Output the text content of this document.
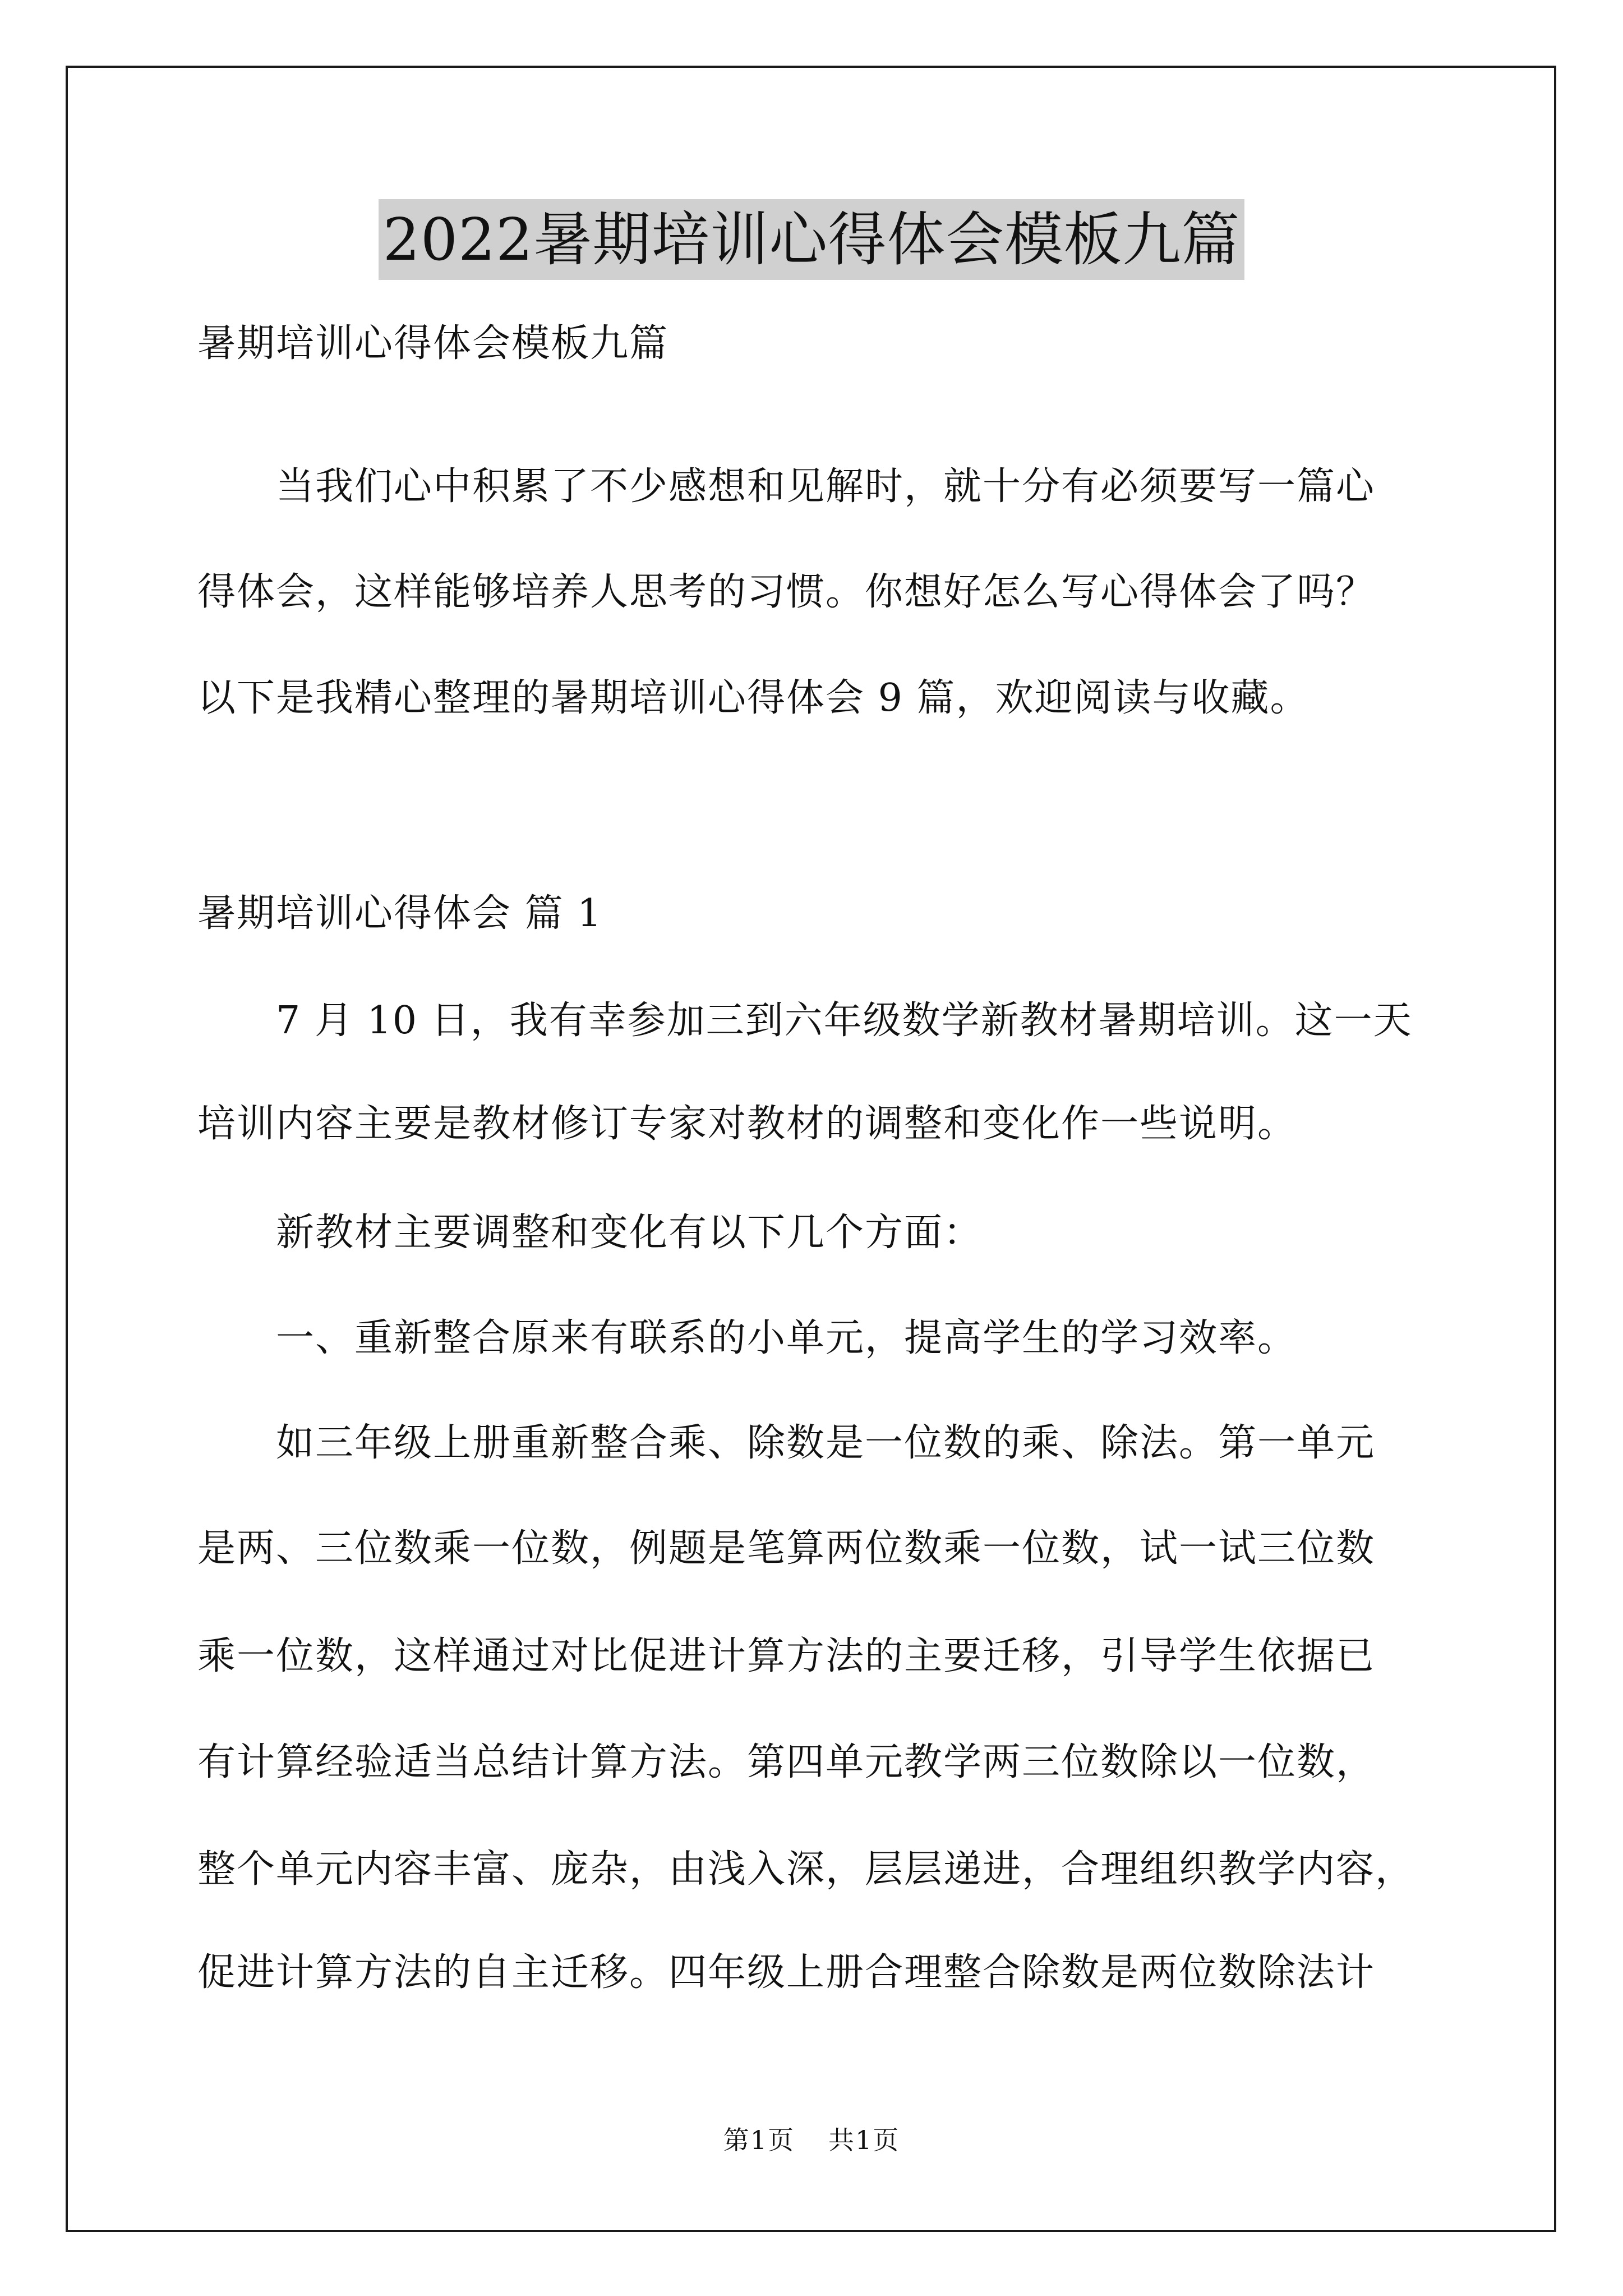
2022暑期培训心得体会模板九篇
暑期培训心得体会模板九篇
　　当我们心中积累了不少感想和见解时，就十分有必须要写一篇心
得体会，这样能够培养人思考的习惯。你想好怎么写心得体会了吗？
以下是我精心整理的暑期培训心得体会 9 篇，欢迎阅读与收藏。
暑期培训心得体会 篇 1
　　7 月 10 日，我有幸参加三到六年级数学新教材暑期培训。这一天
培训内容主要是教材修订专家对教材的调整和变化作一些说明。
　　新教材主要调整和变化有以下几个方面：
　　一、重新整合原来有联系的小单元，提高学生的学习效率。
　　如三年级上册重新整合乘、除数是一位数的乘、除法。第一单元
是两、三位数乘一位数，例题是笔算两位数乘一位数，试一试三位数
乘一位数，这样通过对比促进计算方法的主要迁移，引导学生依据已
有计算经验适当总结计算方法。第四单元教学两三位数除以一位数，
整个单元内容丰富、庞杂，由浅入深，层层递进，合理组织教学内容，
促进计算方法的自主迁移。四年级上册合理整合除数是两位数除法计
第1页 共1页
